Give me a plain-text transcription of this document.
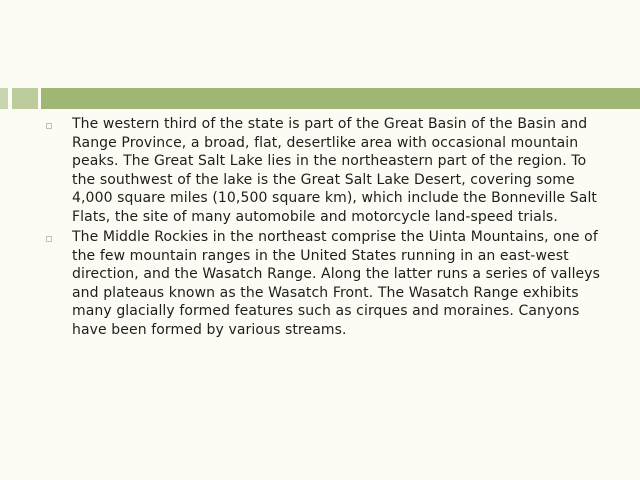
The western third of the state is part of the Great Basin of the Basin and Range Province, a broad, flat, desertlike area with occasional mountain peaks. The Great Salt Lake lies in the northeastern part of the region. To the southwest of the lake is the Great Salt Lake Desert, covering some 4,000 square miles (10,500 square km), which include the Bonneville Salt Flats, the site of many automobile and motorcycle land-speed trials.
The Middle Rockies in the northeast comprise the Uinta Mountains, one of the few mountain ranges in the United States running in an east-west direction, and the Wasatch Range. Along the latter runs a series of valleys and plateaus known as the Wasatch Front. The Wasatch Range exhibits many glacially formed features such as cirques and moraines. Canyons have been formed by various streams.
